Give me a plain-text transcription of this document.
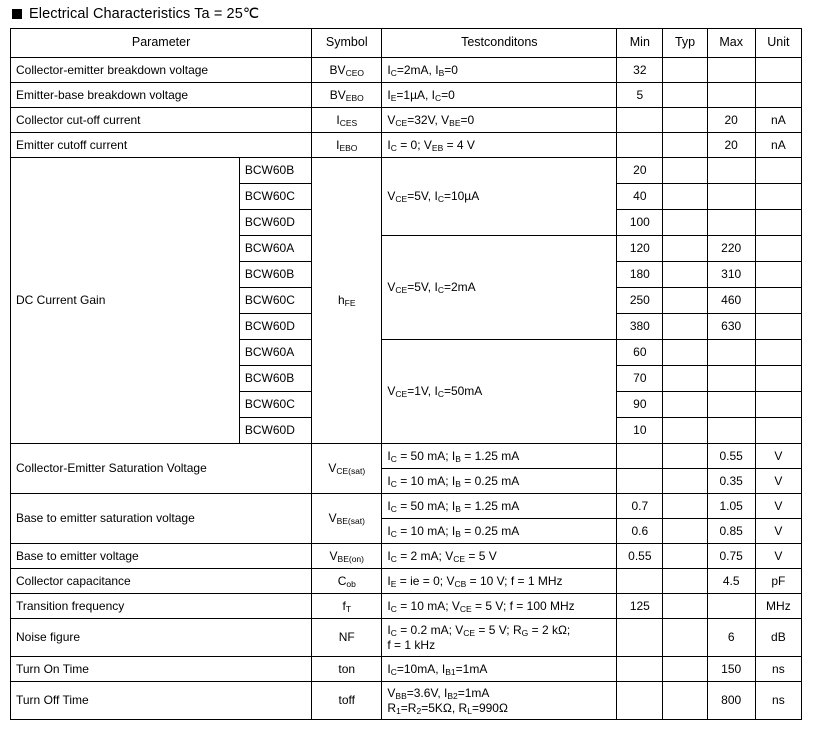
Electrical Characteristics Ta = 25℃
Parameter		Symbol	Testconditons	Min	Typ	Max	Unit
Collector-emitter breakdown voltage		$BV_{CEO}$	$I_C=2mA$, $I_B=0$	32			
Emitter-base breakdown voltage		$BV_{EBO}$	$I_E=1\mu A$, $I_C=0$	5			
Collector cut-off current		$I_{CES}$	$V_{CE}=32V$, $V_{BE}=0$			20	nA
Emitter cutoff current		$I_{EBO}$	$I_C = 0$; $V_{EB} = 4$ V			20	nA
DC Current Gain	BCW60B	$h_{FE}$	$V_{CE}=5V$, $I_C=10\mu A$	20			
	BCW60C			40			
	BCW60D			100			
	BCW60A		$V_{CE}=5V$, $I_C=2mA$	120		220	
	BCW60B			180		310	
	BCW60C			250		460	
	BCW60D			380		630	
	BCW60A		$V_{CE}=1V$, $I_C=50mA$	60			
	BCW60B			70			
	BCW60C			90			
	BCW60D			10			
Collector-Emitter Saturation Voltage		$V_{CE(sat)}$	$I_C = 50$ mA; $I_B = 1.25$ mA			0.55	V
			$I_C = 10$ mA; $I_B = 0.25$ mA			0.35	V
Base to emitter saturation voltage		$V_{BE(sat)}$	$I_C = 50$ mA; $I_B = 1.25$ mA	0.7		1.05	V
			$I_C = 10$ mA; $I_B = 0.25$ mA	0.6		0.85	V
Base to emitter voltage		$V_{BE(on)}$	$I_C = 2$ mA; $V_{CE} = 5$ V	0.55		0.75	V
Collector capacitance		$C_{ob}$	$I_E$ = ie = 0; $V_{CB} = 10$ V; f = 1 MHz			4.5	pF
Transition frequency		$f_T$	$I_C = 10$ mA; $V_{CE} = 5$ V; f = 100 MHz	125			MHz
Noise figure		NF	$I_C = 0.2$ mA; $V_{CE} = 5$ V; $R_G = 2$ kΩ;
f = 1 kHz			6	dB
Turn On Time		ton	$I_C=10mA$, $I_{B1}=1mA$			150	ns
Turn Off Time		toff	$V_{BB}=3.6V$, $I_{B2}=1mA$
$R_1=R_2=5K\Omega$, $R_L=990\Omega$			800	ns
